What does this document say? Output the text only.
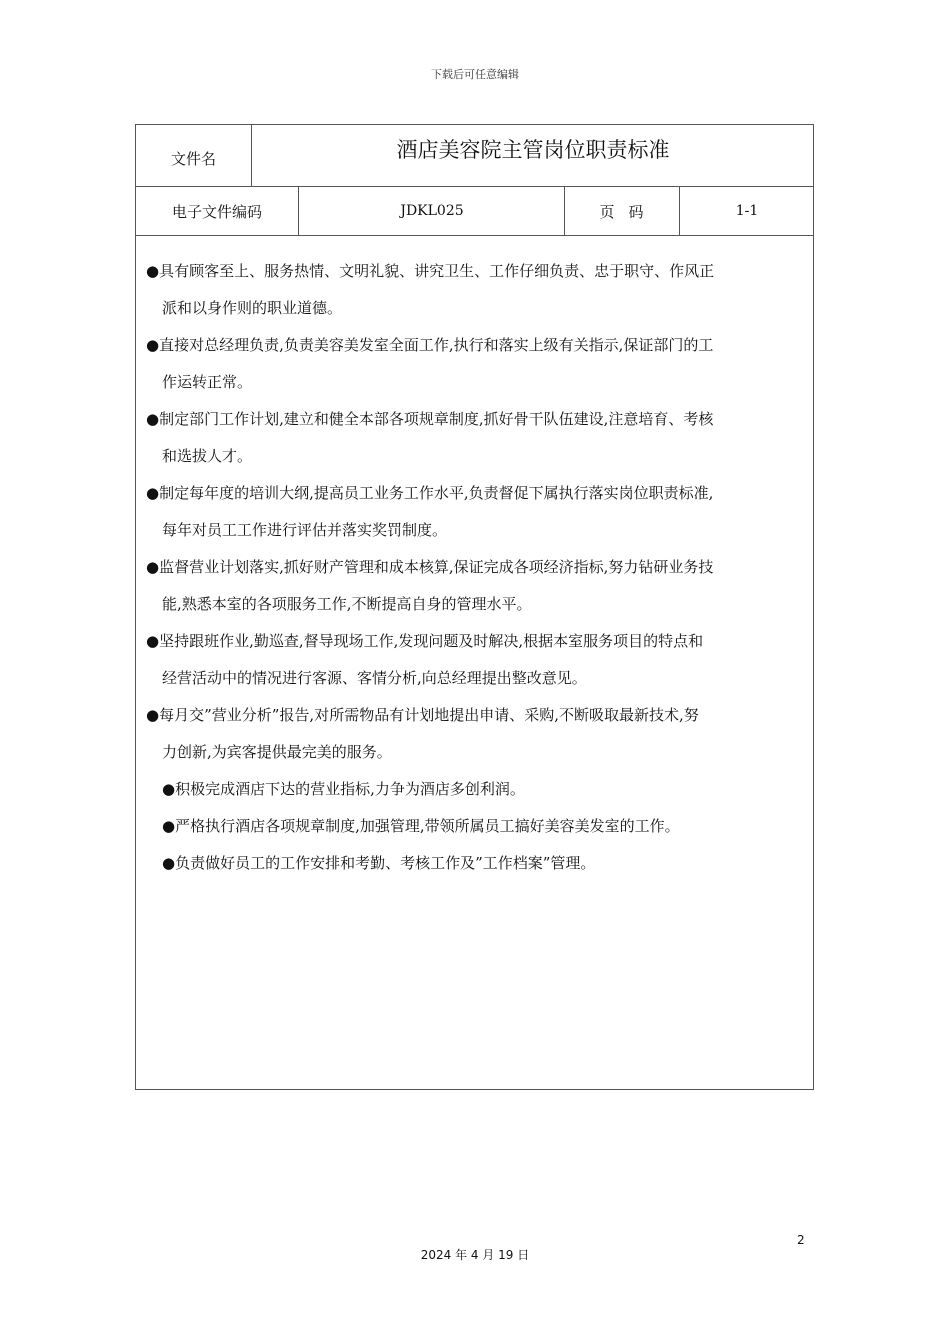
下载后可任意编辑
文件名	酒店美容院主管岗位职责标准
电子文件编码	JDKL025	页码	1-1
●具有顾客至上、服务热情、文明礼貌、讲究卫生、工作仔细负责、忠于职守、作风正
派和以身作则的职业道德。
●直接对总经理负责,负责美容美发室全面工作,执行和落实上级有关指示,保证部门的工
作运转正常。
●制定部门工作计划,建立和健全本部各项规章制度,抓好骨干队伍建设,注意培育、考核
和选拔人才。
●制定每年度的培训大纲,提高员工业务工作水平,负责督促下属执行落实岗位职责标准,
每年对员工工作进行评估并落实奖罚制度。
●监督营业计划落实,抓好财产管理和成本核算,保证完成各项经济指标,努力钻研业务技
能,熟悉本室的各项服务工作,不断提高自身的管理水平。
●坚持跟班作业,勤巡查,督导现场工作,发现问题及时解决,根据本室服务项目的特点和
经营活动中的情况进行客源、客情分析,向总经理提出整改意见。
●每月交”营业分析”报告,对所需物品有计划地提出申请、采购,不断吸取最新技术,努
力创新,为宾客提供最完美的服务。
●积极完成酒店下达的营业指标,力争为酒店多创利润。
●严格执行酒店各项规章制度,加强管理,带领所属员工搞好美容美发室的工作。
●负责做好员工的工作安排和考勤、考核工作及”工作档案”管理。
2
2024 年 4 月 19 日
